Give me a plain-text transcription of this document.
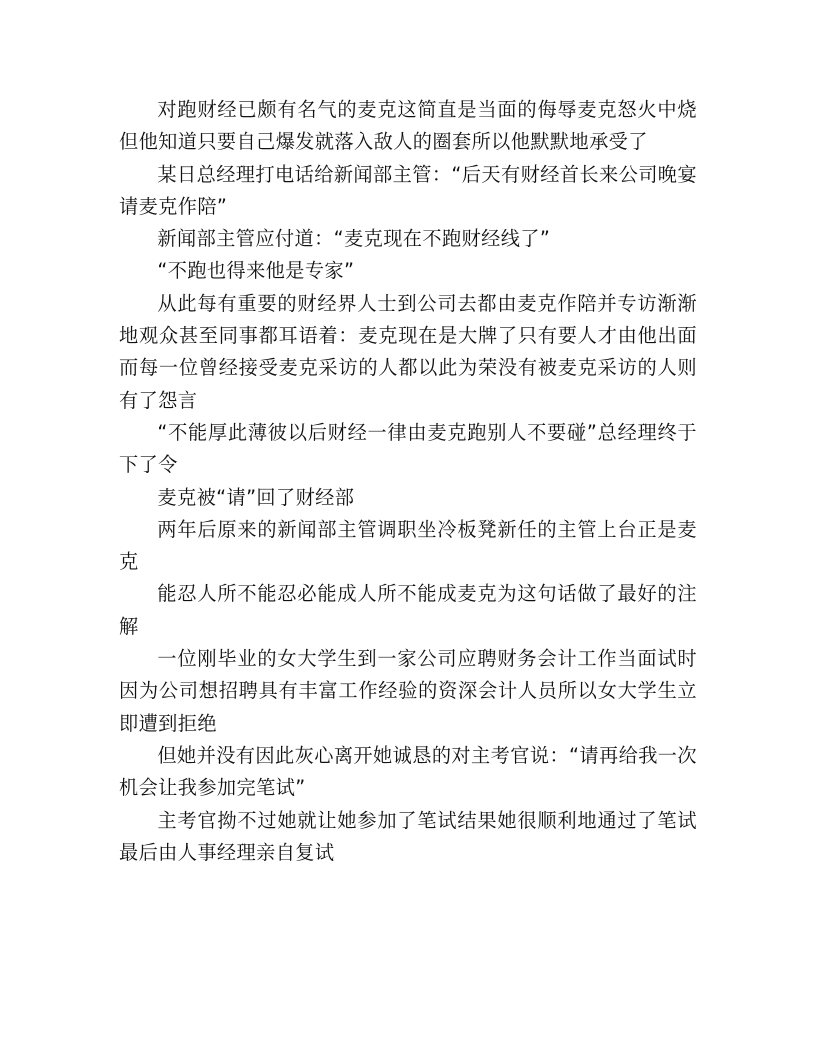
对跑财经已颇有名气的麦克这简直是当面的侮辱麦克怒火中烧但他知道只要自己爆发就落入敌人的圈套所以他默默地承受了

某日总经理打电话给新闻部主管：“后天有财经首长来公司晚宴请麦克作陪”

新闻部主管应付道：“麦克现在不跑财经线了”

“不跑也得来他是专家”

从此每有重要的财经界人士到公司去都由麦克作陪并专访渐渐地观众甚至同事都耳语着：麦克现在是大牌了只有要人才由他出面而每一位曾经接受麦克采访的人都以此为荣没有被麦克采访的人则有了怨言

“不能厚此薄彼以后财经一律由麦克跑别人不要碰”总经理终于下了令

麦克被“请”回了财经部

两年后原来的新闻部主管调职坐冷板凳新任的主管上台正是麦克

能忍人所不能忍必能成人所不能成麦克为这句话做了最好的注解

一位刚毕业的女大学生到一家公司应聘财务会计工作当面试时因为公司想招聘具有丰富工作经验的资深会计人员所以女大学生立即遭到拒绝

但她并没有因此灰心离开她诚恳的对主考官说：“请再给我一次机会让我参加完笔试”

主考官拗不过她就让她参加了笔试结果她很顺利地通过了笔试最后由人事经理亲自复试
